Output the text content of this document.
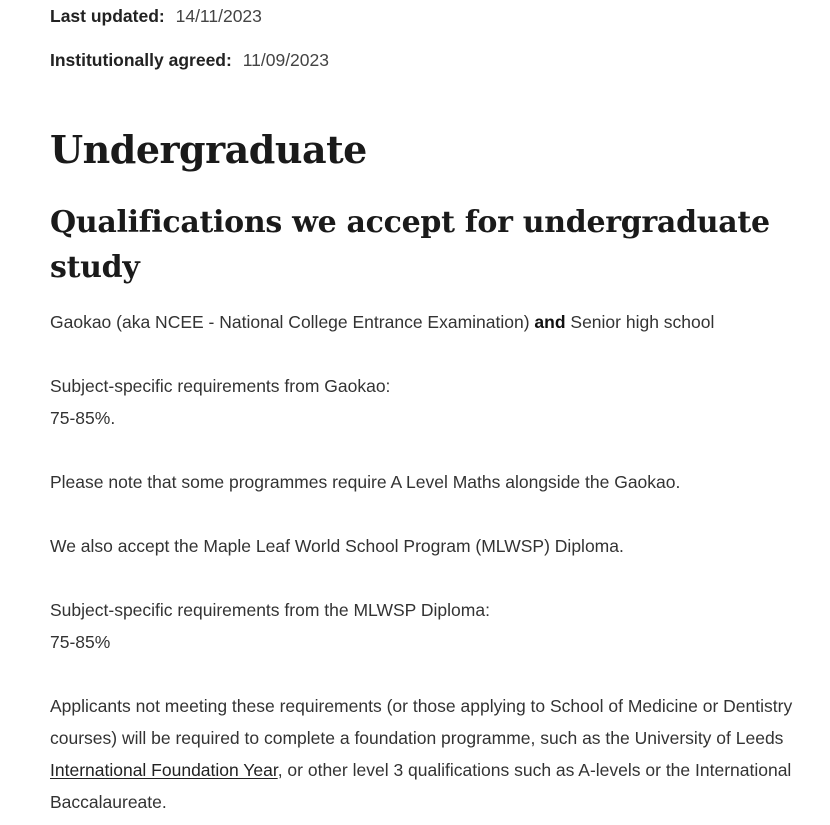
Last updated: 14/11/2023
Institutionally agreed: 11/09/2023
Undergraduate
Qualifications we accept for undergraduate study

Gaokao (aka NCEE - National College Entrance Examination) and Senior high school

Subject-specific requirements from Gaokao:
75-85%.

Please note that some programmes require A Level Maths alongside the Gaokao.

We also accept the Maple Leaf World School Program (MLWSP) Diploma.

Subject-specific requirements from the MLWSP Diploma:
75-85%

Applicants not meeting these requirements (or those applying to School of Medicine or Dentistry courses) will be required to complete a foundation programme, such as the University of Leeds International Foundation Year, or other level 3 qualifications such as A-levels or the International Baccalaureate.
